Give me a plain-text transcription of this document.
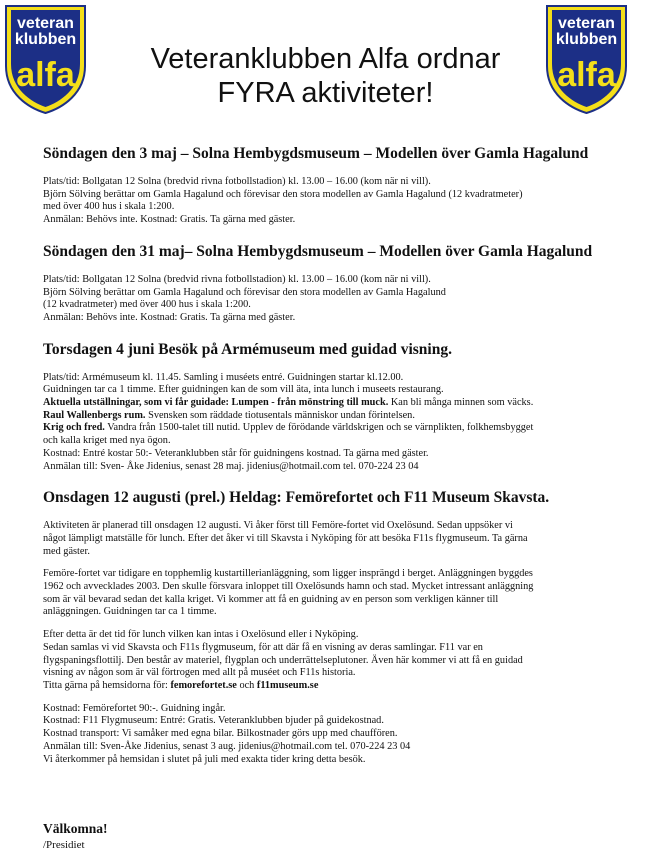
veteran
klubben
alfa
veteran
klubben
alfa
Veteranklubben Alfa ordnar
FYRA aktiviteter!
Söndagen den 3 maj – Solna Hembygdsmuseum – Modellen över Gamla Hagalund

Plats/tid: Bollgatan 12 Solna (bredvid rivna fotbollstadion) kl. 13.00 – 16.00 (kom när ni vill).

Björn Sölving berättar om Gamla Hagalund och förevisar den stora modellen av Gamla Hagalund (12 kvadratmeter)

med över 400 hus i skala 1:200.

Anmälan: Behövs inte. Kostnad: Gratis. Ta gärna med gäster.

Söndagen den 31 maj– Solna Hembygdsmuseum – Modellen över Gamla Hagalund

Plats/tid: Bollgatan 12 Solna (bredvid rivna fotbollstadion) kl. 13.00 – 16.00 (kom när ni vill).

Björn Sölving berättar om Gamla Hagalund och förevisar den stora modellen av Gamla Hagalund

(12 kvadratmeter) med över 400 hus i skala 1:200.

Anmälan: Behövs inte. Kostnad: Gratis. Ta gärna med gäster.

Torsdagen 4 juni Besök på Armémuseum med guidad visning.

Plats/tid: Armémuseum kl. 11.45. Samling i muséets entré. Guidningen startar kl.12.00.

Guidningen tar ca 1 timme. Efter guidningen kan de som vill äta, inta lunch i museets restaurang.

Aktuella utställningar, som vi får guidade: Lumpen - från mönstring till muck. Kan bli många minnen som väcks.

Raul Wallenbergs rum. Svensken som räddade tiotusentals människor undan förintelsen.

Krig och fred. Vandra från 1500-talet till nutid. Upplev de förödande världskrigen och se värnplikten, folkhemsbygget

och kalla kriget med nya ögon.

Kostnad: Entré kostar 50:- Veteranklubben står för guidningens kostnad. Ta gärna med gäster.

Anmälan till: Sven- Åke Jidenius, senast 28 maj. jidenius@hotmail.com tel. 070-224 23 04

Onsdagen 12 augusti (prel.) Heldag: Femörefortet och F11 Museum Skavsta.

Aktiviteten är planerad till onsdagen 12 augusti. Vi åker först till Femöre-fortet vid Oxelösund. Sedan uppsöker vi

något lämpligt matställe för lunch. Efter det åker vi till Skavsta i Nyköping för att besöka F11s flygmuseum. Ta gärna

med gäster.

Femöre-fortet var tidigare en topphemlig kustartillerianläggning, som ligger insprängd i berget. Anläggningen byggdes

1962 och avvecklades 2003. Den skulle försvara inloppet till Oxelösunds hamn och stad. Mycket intressant anläggning

som är väl bevarad sedan det kalla kriget. Vi kommer att få en guidning av en person som verkligen känner till

anläggningen. Guidningen tar ca 1 timme.

Efter detta är det tid för lunch vilken kan intas i Oxelösund eller i Nyköping.

Sedan samlas vi vid Skavsta och F11s flygmuseum, för att där få en visning av deras samlingar. F11 var en

flygspaningsflottilj. Den består av materiel, flygplan och underrättelseplutoner. Även här kommer vi att få en guidad

visning av någon som är väl förtrogen med allt på muséet och F11s historia.

Titta gärna på hemsidorna för: femorefortet.se och f11museum.se

Kostnad: Femörefortet 90:-. Guidning ingår.

Kostnad: F11 Flygmuseum: Entré: Gratis. Veteranklubben bjuder på guidekostnad.

Kostnad transport: Vi samåker med egna bilar. Bilkostnader görs upp med chauffören.

Anmälan till: Sven-Åke Jidenius, senast 3 aug. jidenius@hotmail.com tel. 070-224 23 04

Vi återkommer på hemsidan i slutet på juli med exakta tider kring detta besök.

Välkomna!
/Presidiet
